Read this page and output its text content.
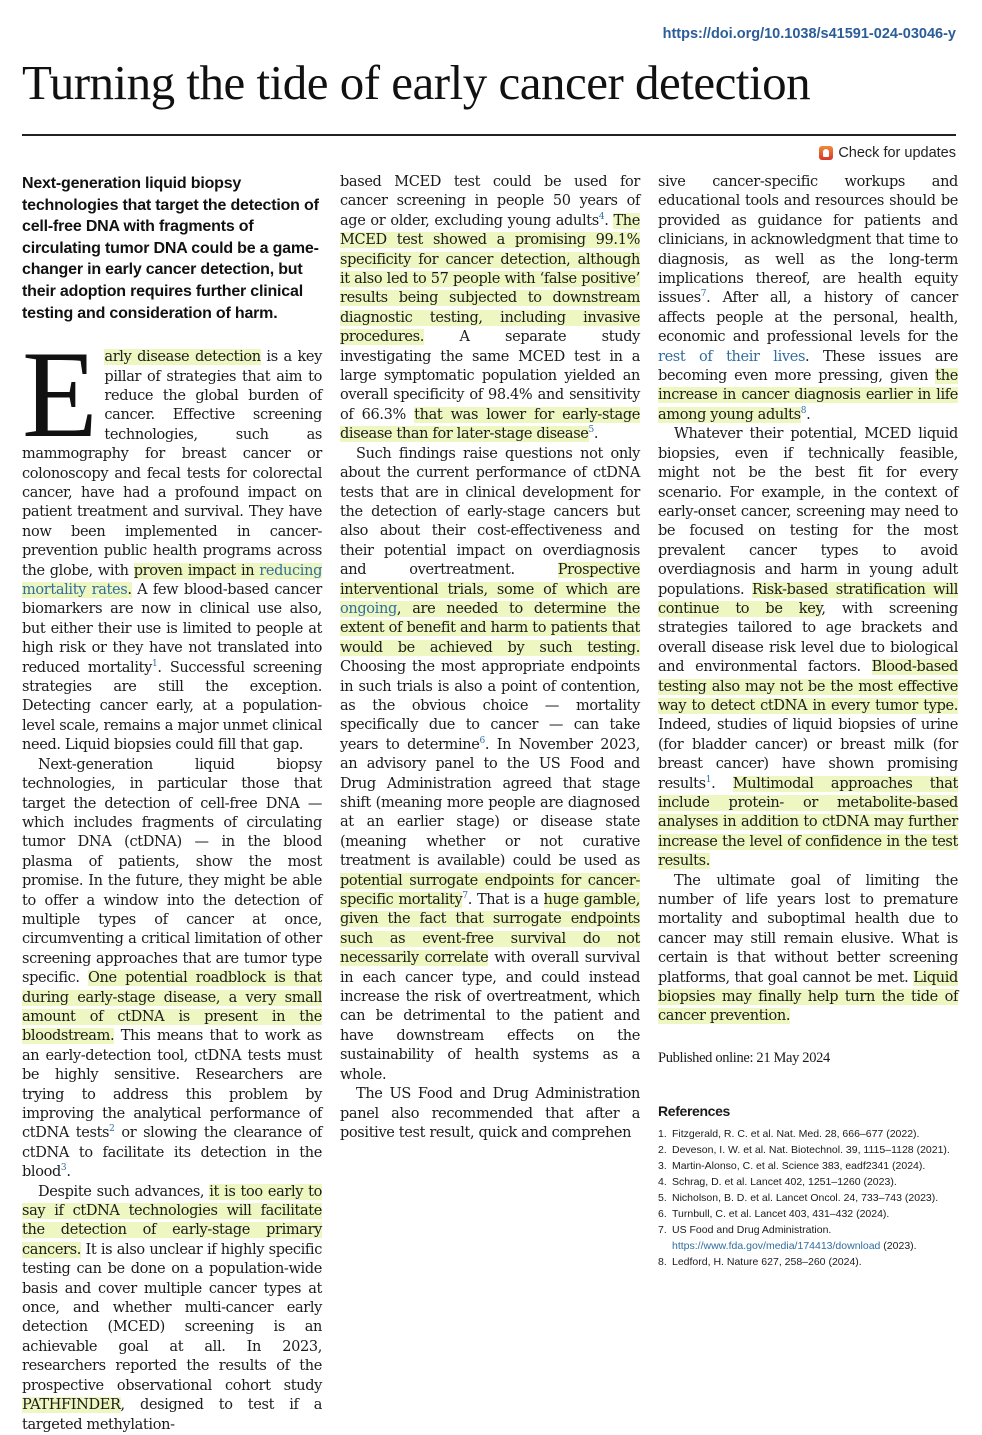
https://doi.org/10.1038/s41591-024-03046-y
Turning the tide of early cancer detection
Check for updates

Next-generation liquid biopsy technologies that target the detection of cell-free DNA with fragments of circulating tumor DNA could be a game-changer in early cancer detection, but their adoption requires further clinical testing and consideration of harm.

E arly disease detection is a key pillar of strategies that aim to reduce the global burden of cancer. Effective screening technologies, such as mammography for breast cancer or colonoscopy and fecal tests for colorectal cancer, have had a profound impact on patient treatment and survival. They have now been implemented in cancer-prevention public health programs across the globe, with proven impact in reducing mortality rates. A few blood-based cancer biomarkers are now in clinical use also, but either their use is limited to people at high risk or they have not translated into reduced mortality$^1$. Successful screening strategies are still the exception. Detecting cancer early, at a population-level scale, remains a major unmet clinical need. Liquid biopsies could fill that gap.

Next-generation liquid biopsy technologies, in particular those that target the detection of cell-free DNA — which includes fragments of circulating tumor DNA (ctDNA) — in the blood plasma of patients, show the most promise. In the future, they might be able to offer a window into the detection of multiple types of cancer at once, circumventing a critical limitation of other screening approaches that are tumor type specific. One potential roadblock is that during early-stage disease, a very small amount of ctDNA is present in the bloodstream. This means that to work as an early-detection tool, ctDNA tests must be highly sensitive. Researchers are trying to address this problem by improving the analytical performance of ctDNA tests$^2$ or slowing the clearance of ctDNA to facilitate its detection in the blood$^3$.

Despite such advances, it is too early to say if ctDNA technologies will facilitate the detection of early-stage primary cancers. It is also unclear if highly specific testing can be done on a population-wide basis and cover multiple cancer types at once, and whether multi-cancer early detection (MCED) screening is an achievable goal at all. In 2023, researchers reported the results of the prospective observational cohort study PATHFINDER, designed to test if a targeted methylation-

based MCED test could be used for cancer screening in people 50 years of age or older, excluding young adults$^4$. The MCED test showed a promising 99.1% specificity for cancer detection, although it also led to 57 people with ‘false positive’ results being subjected to downstream diagnostic testing, including invasive procedures. A separate study investigating the same MCED test in a large symptomatic population yielded an overall specificity of 98.4% and sensitivity of 66.3% that was lower for early-stage disease than for later-stage disease$^5$.

Such findings raise questions not only about the current performance of ctDNA tests that are in clinical development for the detection of early-stage cancers but also about their cost-effectiveness and their potential impact on overdiagnosis and overtreatment. Prospective interventional trials, some of which are ongoing, are needed to determine the extent of benefit and harm to patients that would be achieved by such testing. Choosing the most appropriate endpoints in such trials is also a point of contention, as the obvious choice — mortality specifically due to cancer — can take years to determine$^6$. In November 2023, an advisory panel to the US Food and Drug Administration agreed that stage shift (meaning more people are diagnosed at an earlier stage) or disease state (meaning whether or not curative treatment is available) could be used as potential surrogate endpoints for cancer-specific mortality$^7$. That is a huge gamble, given the fact that surrogate endpoints such as event-free survival do not necessarily correlate with overall survival in each cancer type, and could instead increase the risk of overtreatment, which can be detrimental to the patient and have downstream effects on the sustainability of health systems as a whole.

The US Food and Drug Administration panel also recommended that after a positive test result, quick and comprehen

sive cancer-specific workups and educational tools and resources should be provided as guidance for patients and clinicians, in acknowledgment that time to diagnosis, as well as the long-term implications thereof, are health equity issues$^7$. After all, a history of cancer affects people at the personal, health, economic and professional levels for the rest of their lives. These issues are becoming even more pressing, given the increase in cancer diagnosis earlier in life among young adults$^8$.

Whatever their potential, MCED liquid biopsies, even if technically feasible, might not be the best fit for every scenario. For example, in the context of early-onset cancer, screening may need to be focused on testing for the most prevalent cancer types to avoid overdiagnosis and harm in young adult populations. Risk-based stratification will continue to be key, with screening strategies tailored to age brackets and overall disease risk level due to biological and environmental factors. Blood-based testing also may not be the most effective way to detect ctDNA in every tumor type. Indeed, studies of liquid biopsies of urine (for bladder cancer) or breast milk (for breast cancer) have shown promising results$^1$. Multimodal approaches that include protein- or metabolite-based analyses in addition to ctDNA may further increase the level of confidence in the test results.

The ultimate goal of limiting the number of life years lost to premature mortality and suboptimal health due to cancer may still remain elusive. What is certain is that without better screening platforms, that goal cannot be met. Liquid biopsies may finally help turn the tide of cancer prevention.

Published online: 21 May 2024

References

1. Fitzgerald, R. C. et al. Nat. Med. 28, 666–677 (2022).
2. Deveson, I. W. et al. Nat. Biotechnol. 39, 1115–1128 (2021).
3. Martin-Alonso, C. et al. Science 383, eadf2341 (2024).
4. Schrag, D. et al. Lancet 402, 1251–1260 (2023).
5. Nicholson, B. D. et al. Lancet Oncol. 24, 733–743 (2023).
6. Turnbull, C. et al. Lancet 403, 431–432 (2024).
7. US Food and Drug Administration. https://www.fda.gov/media/174413/download (2023).
8. Ledford, H. Nature 627, 258–260 (2024).
